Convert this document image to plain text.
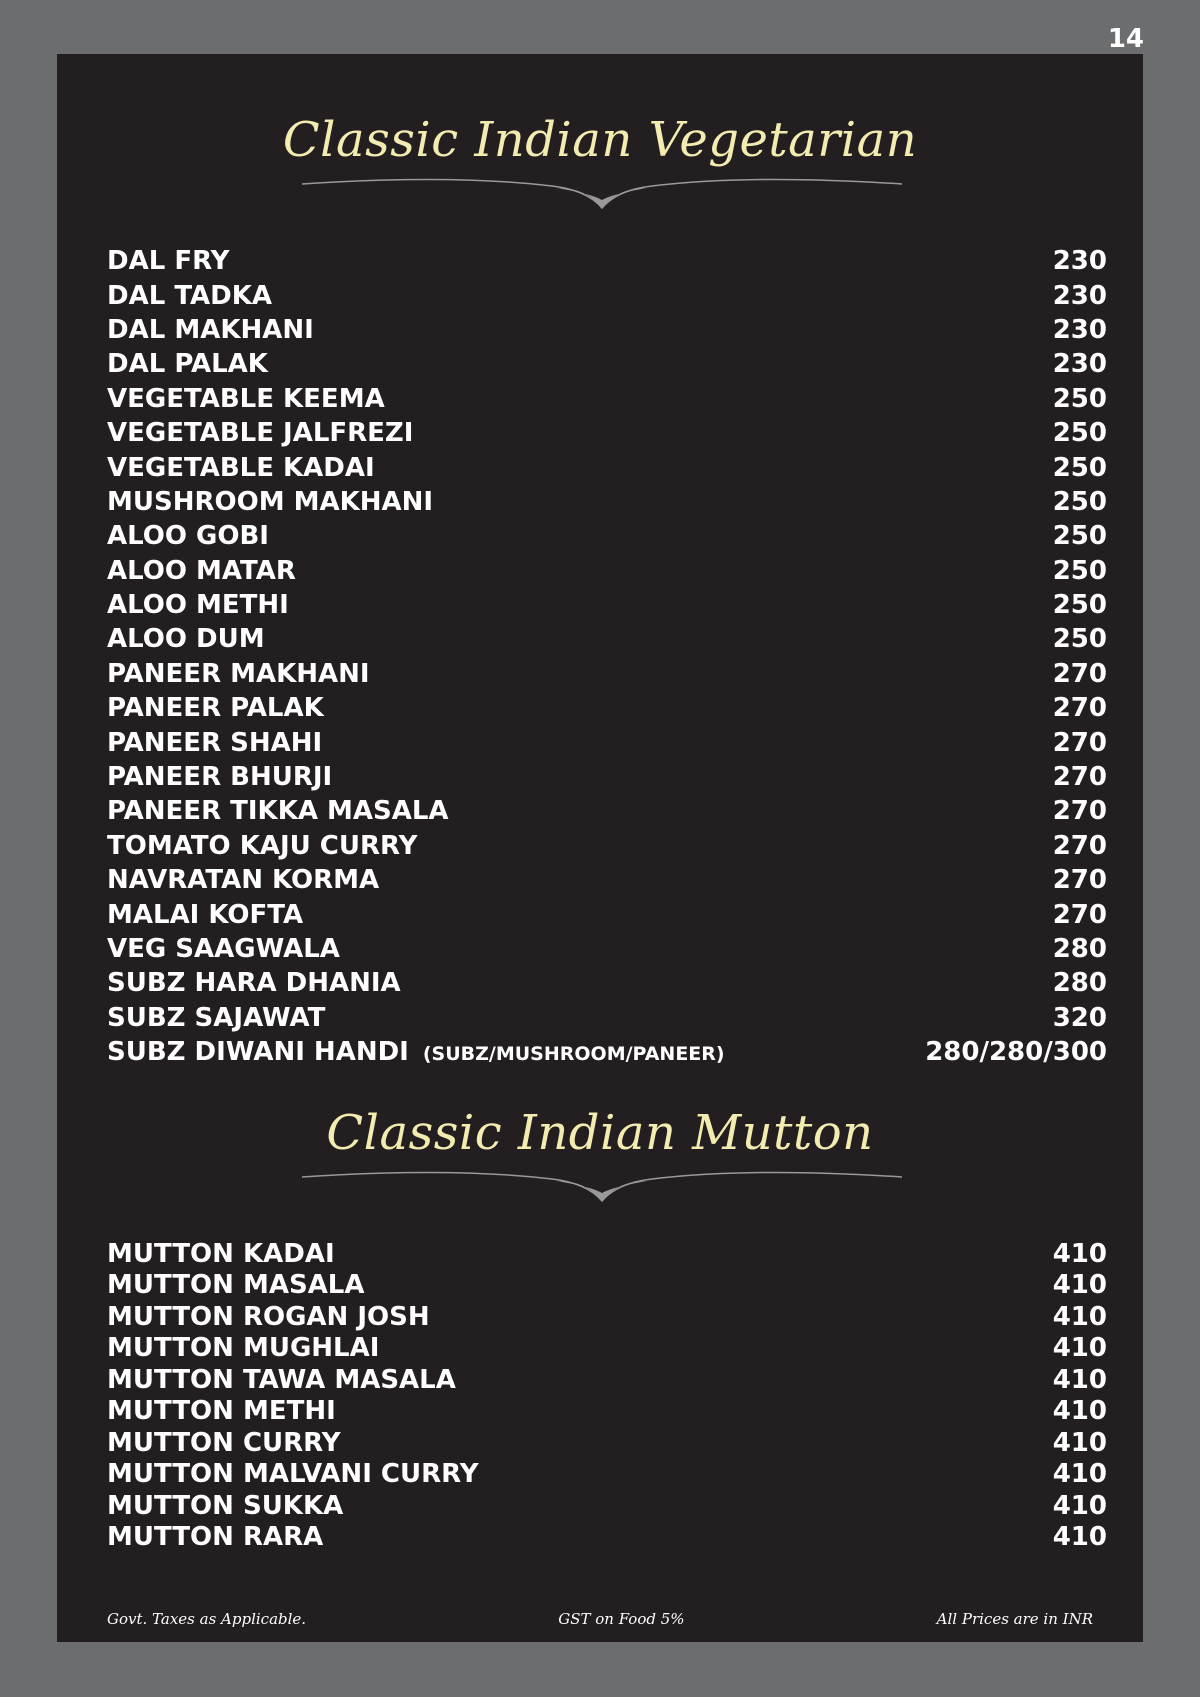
14
Classic Indian Vegetarian
DAL FRY	230
DAL TADKA	230
DAL MAKHANI	230
DAL PALAK	230
VEGETABLE KEEMA	250
VEGETABLE JALFREZI	250
VEGETABLE KADAI	250
MUSHROOM MAKHANI	250
ALOO GOBI	250
ALOO MATAR	250
ALOO METHI	250
ALOO DUM	250
PANEER MAKHANI	270
PANEER PALAK	270
PANEER SHAHI	270
PANEER BHURJI	270
PANEER TIKKA MASALA	270
TOMATO KAJU CURRY	270
NAVRATAN KORMA	270
MALAI KOFTA	270
VEG SAAGWALA	280
SUBZ HARA DHANIA	280
SUBZ SAJAWAT	320
SUBZ DIWANI HANDI (SUBZ/MUSHROOM/PANEER)	280/280/300
Classic Indian Mutton
MUTTON KADAI	410
MUTTON MASALA	410
MUTTON ROGAN JOSH	410
MUTTON MUGHLAI	410
MUTTON TAWA MASALA	410
MUTTON METHI	410
MUTTON CURRY	410
MUTTON MALVANI CURRY	410
MUTTON SUKKA	410
MUTTON RARA	410
Govt. Taxes as Applicable.	GST on Food 5%	All Prices are in INR
